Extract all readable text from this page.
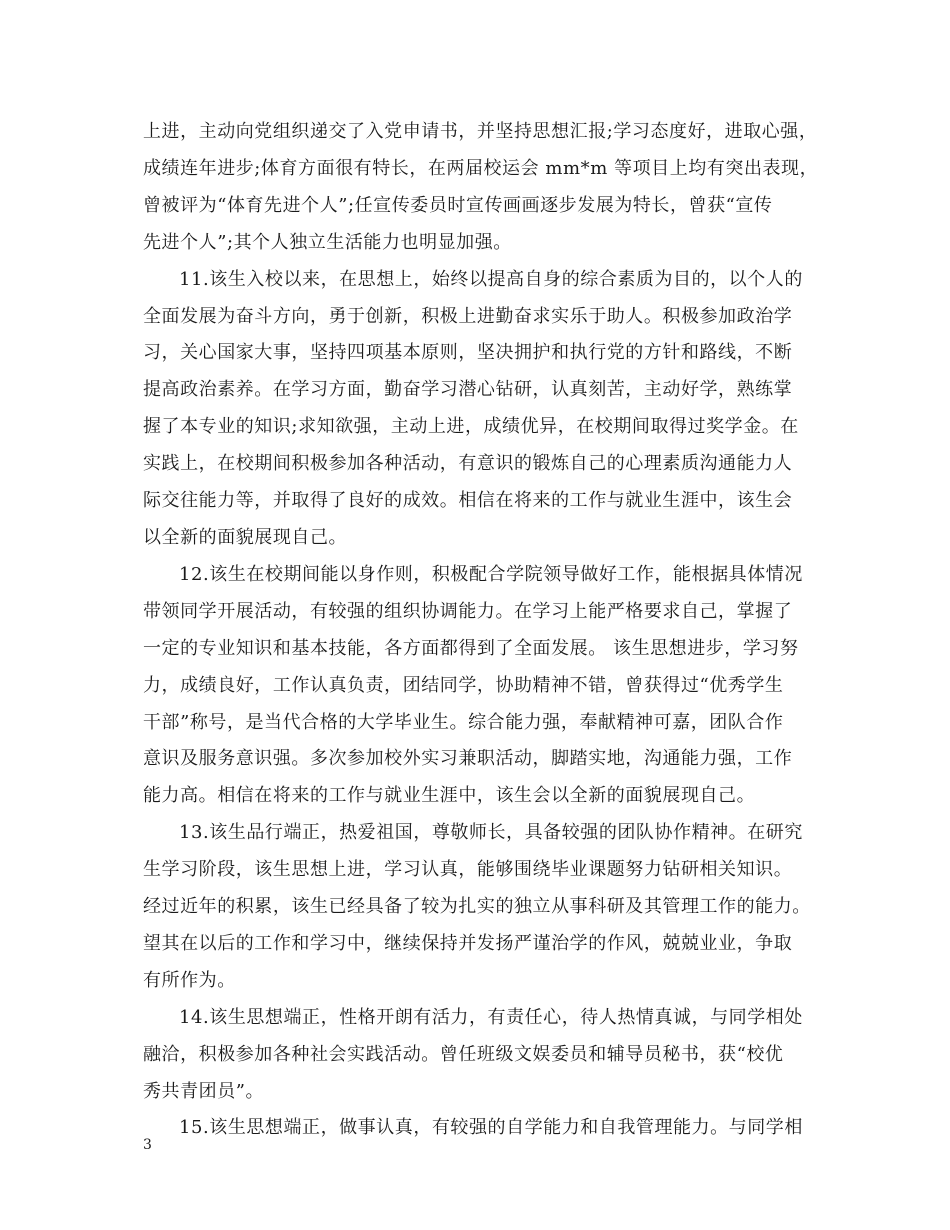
上进，主动向党组织递交了入党申请书，并坚持思想汇报;学习态度好，进取心强，
成绩连年进步;体育方面很有特长，在两届校运会 mm*m 等项目上均有突出表现，
曾被评为“体育先进个人”;任宣传委员时宣传画画逐步发展为特长，曾获“宣传
先进个人”;其个人独立生活能力也明显加强。

11.该生入校以来，在思想上，始终以提高自身的综合素质为目的，以个人的
全面发展为奋斗方向，勇于创新，积极上进勤奋求实乐于助人。积极参加政治学
习，关心国家大事，坚持四项基本原则，坚决拥护和执行党的方针和路线，不断
提高政治素养。在学习方面，勤奋学习潜心钻研，认真刻苦，主动好学，熟练掌
握了本专业的知识;求知欲强，主动上进，成绩优异，在校期间取得过奖学金。在
实践上，在校期间积极参加各种活动，有意识的锻炼自己的心理素质沟通能力人
际交往能力等，并取得了良好的成效。相信在将来的工作与就业生涯中，该生会
以全新的面貌展现自己。

12.该生在校期间能以身作则，积极配合学院领导做好工作，能根据具体情况
带领同学开展活动，有较强的组织协调能力。在学习上能严格要求自己，掌握了
一定的专业知识和基本技能，各方面都得到了全面发展。 该生思想进步，学习努
力，成绩良好，工作认真负责，团结同学，协助精神不错，曾获得过“优秀学生
干部”称号，是当代合格的大学毕业生。综合能力强，奉献精神可嘉，团队合作
意识及服务意识强。多次参加校外实习兼职活动，脚踏实地，沟通能力强，工作
能力高。相信在将来的工作与就业生涯中，该生会以全新的面貌展现自己。

13.该生品行端正，热爱祖国，尊敬师长，具备较强的团队协作精神。在研究
生学习阶段，该生思想上进，学习认真，能够围绕毕业课题努力钻研相关知识。
经过近年的积累，该生已经具备了较为扎实的独立从事科研及其管理工作的能力。
望其在以后的工作和学习中，继续保持并发扬严谨治学的作风，兢兢业业，争取
有所作为。

14.该生思想端正，性格开朗有活力，有责任心，待人热情真诚，与同学相处
融洽，积极参加各种社会实践活动。曾任班级文娱委员和辅导员秘书，获“校优
秀共青团员”。

15.该生思想端正，做事认真，有较强的自学能力和自我管理能力。与同学相

3
